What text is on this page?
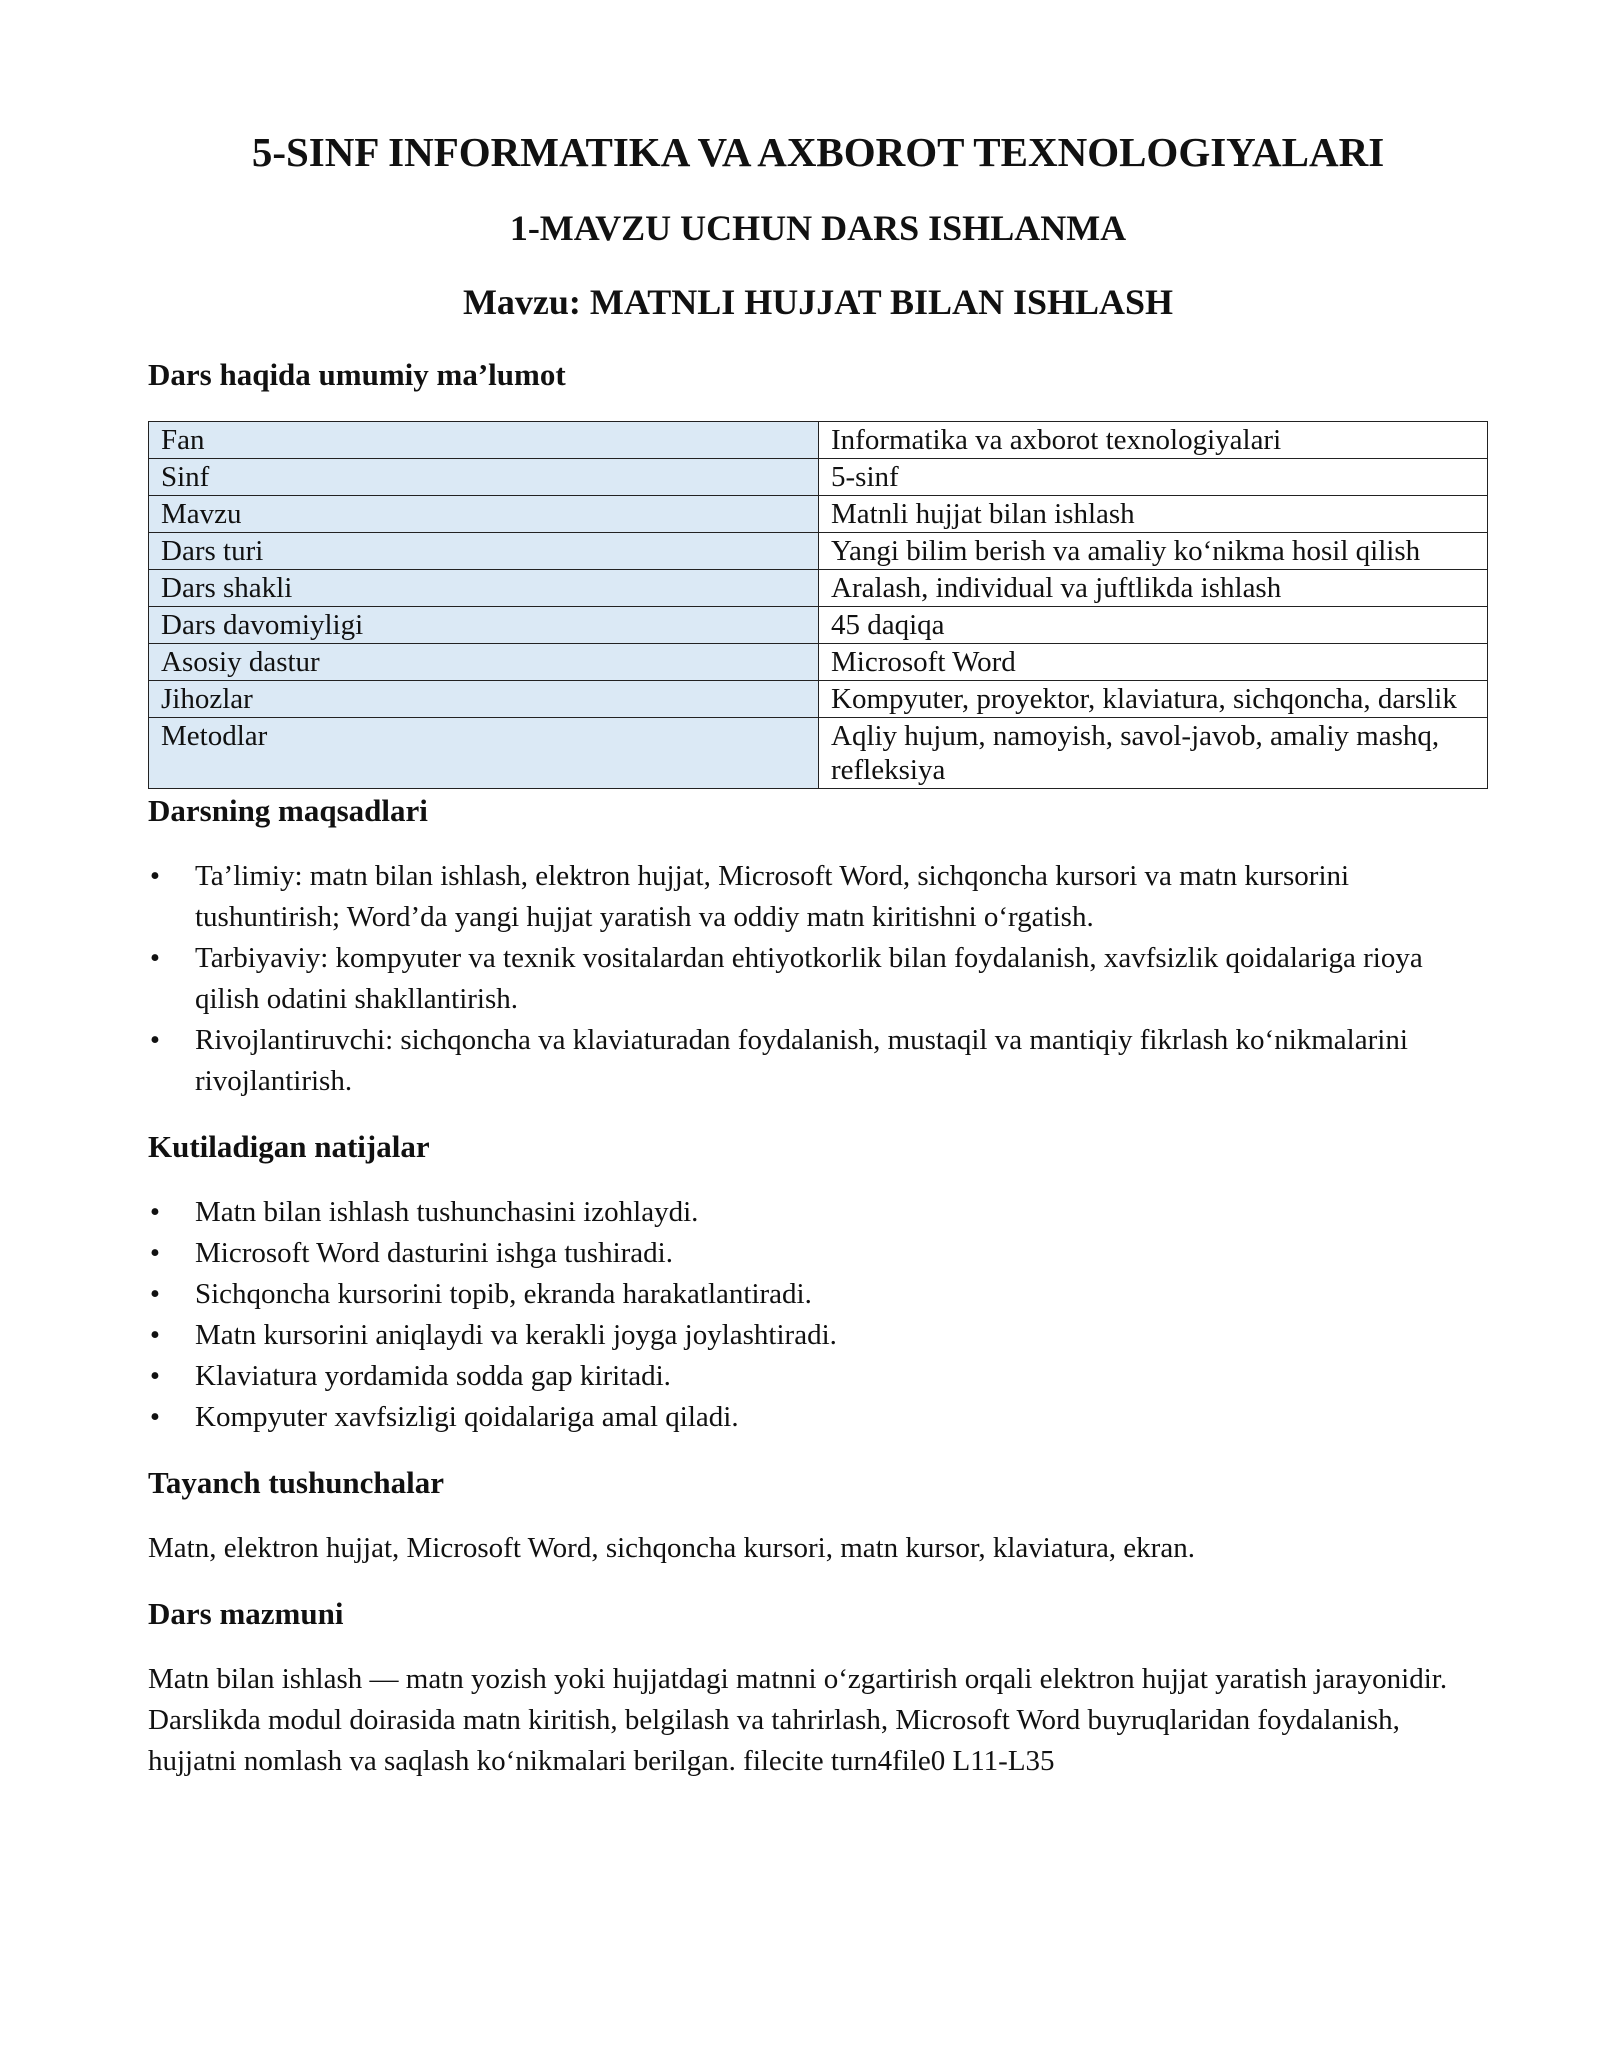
5-SINF INFORMATIKA VA AXBOROT TEXNOLOGIYALARI
1-MAVZU UCHUN DARS ISHLANMA
Mavzu: MATNLI HUJJAT BILAN ISHLASH
Dars haqida umumiy ma’lumot
Fan	Informatika va axborot texnologiyalari
Sinf	5-sinf
Mavzu	Matnli hujjat bilan ishlash
Dars turi	Yangi bilim berish va amaliy ko‘nikma hosil qilish
Dars shakli	Aralash, individual va juftlikda ishlash
Dars davomiyligi	45 daqiqa
Asosiy dastur	Microsoft Word
Jihozlar	Kompyuter, proyektor, klaviatura, sichqoncha, darslik
Metodlar	Aqliy hujum, namoyish, savol-javob, amaliy mashq, refleksiya
Darsning maqsadlari
• Ta’limiy: matn bilan ishlash, elektron hujjat, Microsoft Word, sichqoncha kursori va matn kursorini tushuntirish; Word’da yangi hujjat yaratish va oddiy matn kiritishni o‘rgatish.
• Tarbiyaviy: kompyuter va texnik vositalardan ehtiyotkorlik bilan foydalanish, xavfsizlik qoidalariga rioya qilish odatini shakllantirish.
• Rivojlantiruvchi: sichqoncha va klaviaturadan foydalanish, mustaqil va mantiqiy fikrlash ko‘nikmalarini rivojlantirish.
Kutiladigan natijalar
• Matn bilan ishlash tushunchasini izohlaydi.
• Microsoft Word dasturini ishga tushiradi.
• Sichqoncha kursorini topib, ekranda harakatlantiradi.
• Matn kursorini aniqlaydi va kerakli joyga joylashtiradi.
• Klaviatura yordamida sodda gap kiritadi.
• Kompyuter xavfsizligi qoidalariga amal qiladi.
Tayanch tushunchalar

Matn, elektron hujjat, Microsoft Word, sichqoncha kursori, matn kursor, klaviatura, ekran.

Dars mazmuni

Matn bilan ishlash — matn yozish yoki hujjatdagi matnni o‘zgartirish orqali elektron hujjat yaratish jarayonidir. Darslikda modul doirasida matn kiritish, belgilash va tahrirlash, Microsoft Word buyruqlaridan foydalanish, hujjatni nomlash va saqlash ko‘nikmalari berilgan. filecite turn4file0 L11-L35
